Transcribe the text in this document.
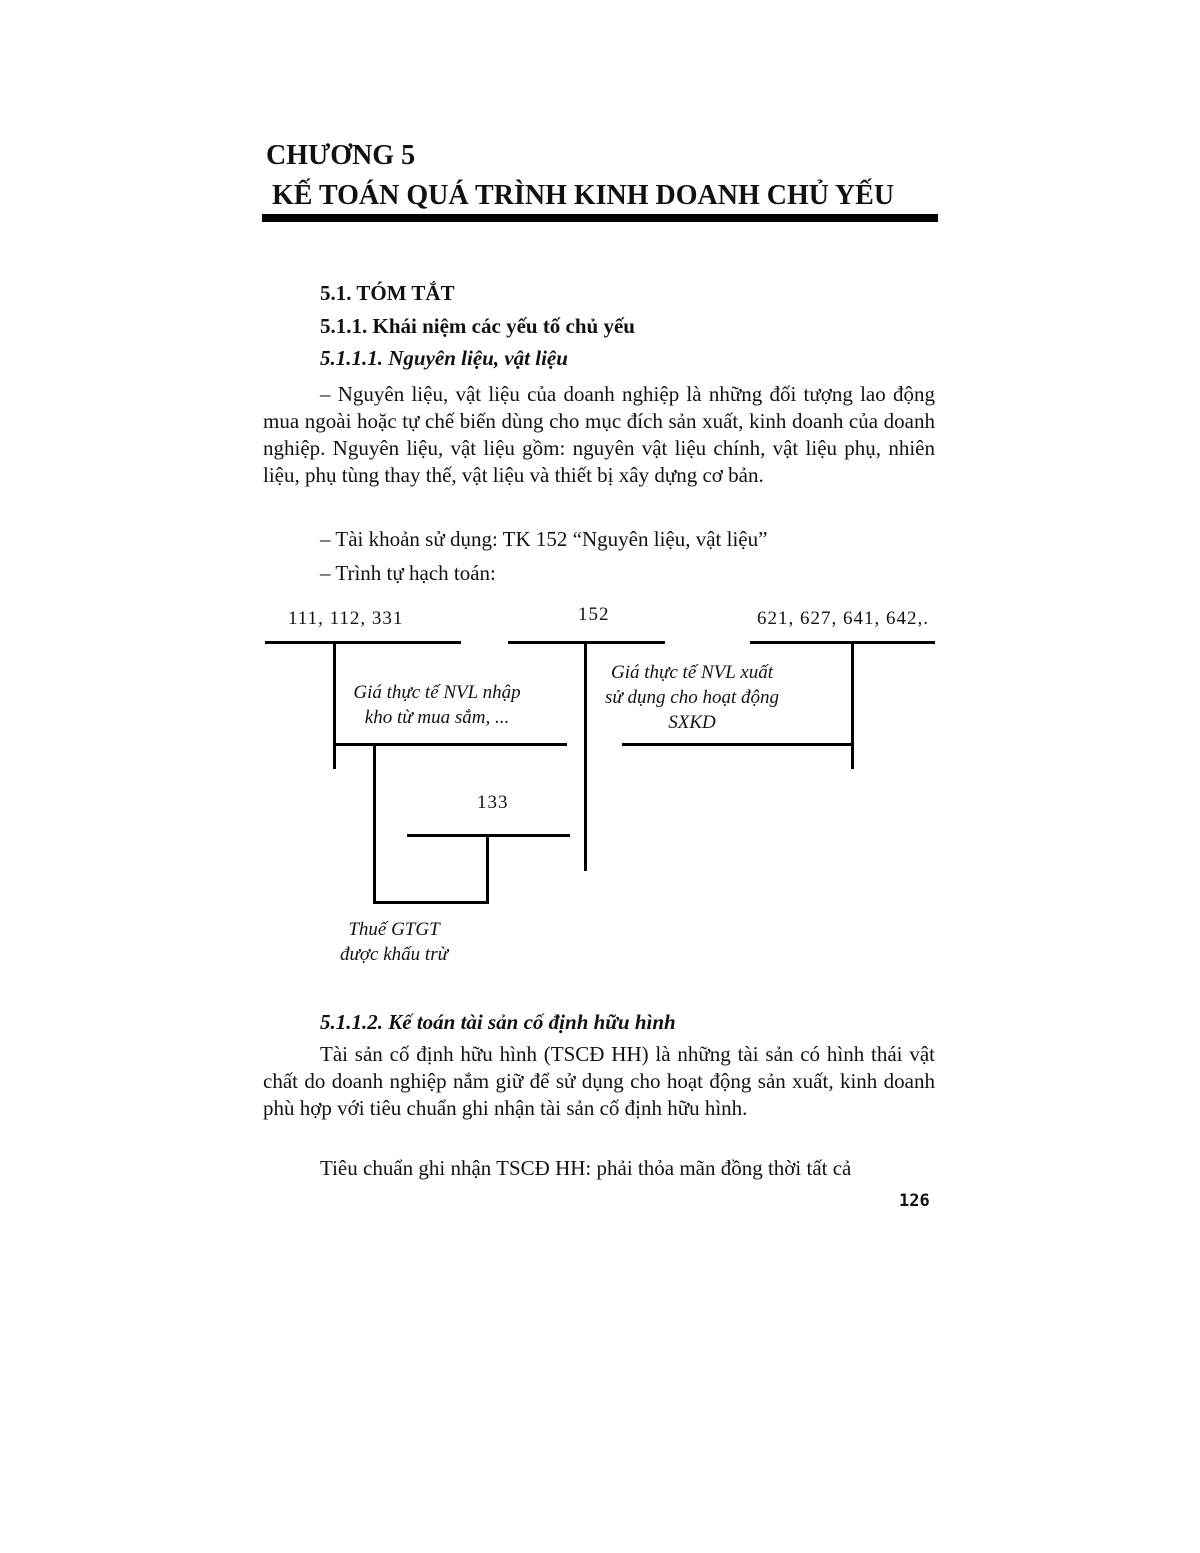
CHƯƠNG 5
KẾ TOÁN QUÁ TRÌNH KINH DOANH CHỦ YẾU
5.1. TÓM TẮT
5.1.1. Khái niệm các yếu tố chủ yếu
5.1.1.1. Nguyên liệu, vật liệu
– Nguyên liệu, vật liệu của doanh nghiệp là những đối tượng lao động mua ngoài hoặc tự chế biến dùng cho mục đích sản xuất, kinh doanh của doanh nghiệp. Nguyên liệu, vật liệu gồm: nguyên vật liệu chính, vật liệu phụ, nhiên liệu, phụ tùng thay thế, vật liệu và thiết bị xây dựng cơ bản.
– Tài khoản sử dụng: TK 152 “Nguyên liệu, vật liệu”
– Trình tự hạch toán:
111, 112, 331	152	621, 627, 641, 642,.
133
Giá thực tế NVL nhập
kho từ mua sắm, ...
Giá thực tế NVL xuất
sử dụng cho hoạt động
SXKD
Thuế GTGT
được khấu trừ
5.1.1.2. Kế toán tài sản cố định hữu hình
Tài sản cố định hữu hình (TSCĐ HH) là những tài sản có hình thái vật chất do doanh nghiệp nắm giữ để sử dụng cho hoạt động sản xuất, kinh doanh phù hợp với tiêu chuẩn ghi nhận tài sản cố định hữu hình.
Tiêu chuẩn ghi nhận TSCĐ HH: phải thỏa mãn đồng thời tất cả
126
